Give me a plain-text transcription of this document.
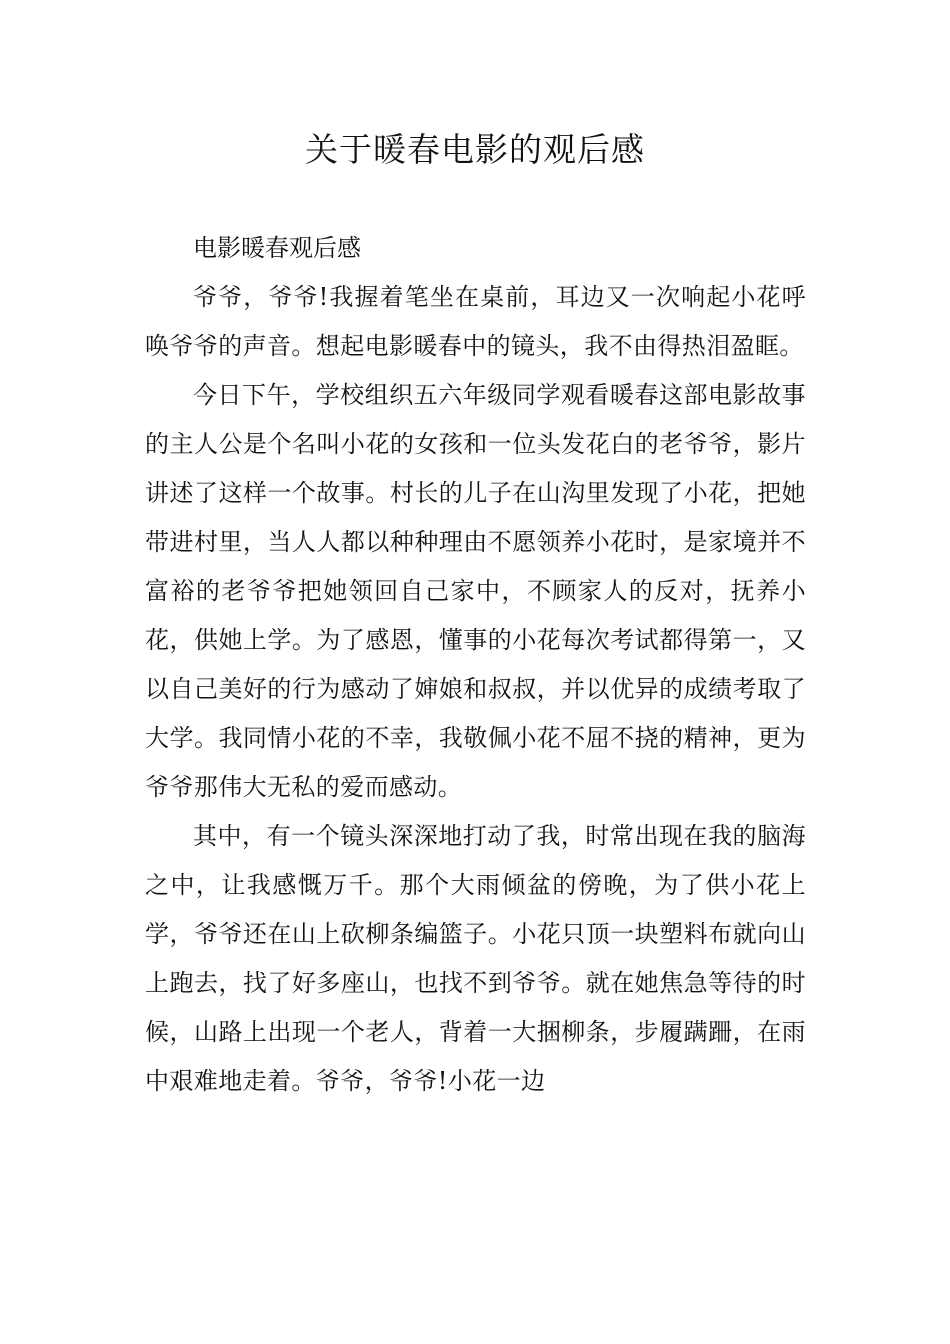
关于暖春电影的观后感

电影暖春观后感

爷爷，爷爷!我握着笔坐在桌前，耳边又一次响起小花呼唤爷爷的声音。想起电影暖春中的镜头，我不由得热泪盈眶。

今日下午，学校组织五六年级同学观看暖春这部电影故事的主人公是个名叫小花的女孩和一位头发花白的老爷爷，影片讲述了这样一个故事。村长的儿子在山沟里发现了小花，把她带进村里，当人人都以种种理由不愿领养小花时，是家境并不富裕的老爷爷把她领回自己家中，不顾家人的反对，抚养小花，供她上学。为了感恩，懂事的小花每次考试都得第一，又以自己美好的行为感动了婶娘和叔叔，并以优异的成绩考取了大学。我同情小花的不幸，我敬佩小花不屈不挠的精神，更为爷爷那伟大无私的爱而感动。

其中，有一个镜头深深地打动了我，时常出现在我的脑海之中，让我感慨万千。那个大雨倾盆的傍晚，为了供小花上学，爷爷还在山上砍柳条编篮子。小花只顶一块塑料布就向山上跑去，找了好多座山，也找不到爷爷。就在她焦急等待的时候，山路上出现一个老人，背着一大捆柳条，步履蹒跚，在雨中艰难地走着。爷爷，爷爷!小花一边
